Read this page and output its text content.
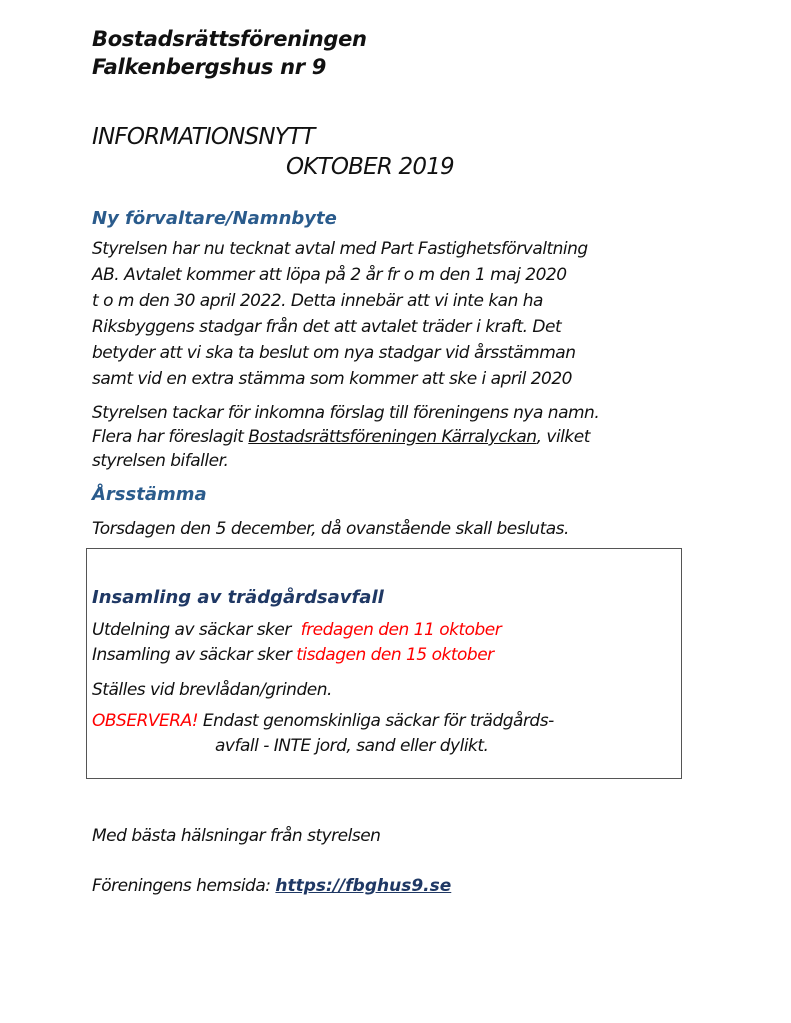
Bostadsrättsföreningen
Falkenbergshus nr 9
INFORMATIONSNYTT
OKTOBER 2019
Ny förvaltare/Namnbyte
Styrelsen har nu tecknat avtal med Part Fastighetsförvaltning
AB. Avtalet kommer att löpa på 2 år fr o m den 1 maj 2020
t o m den 30 april 2022. Detta innebär att vi inte kan ha
Riksbyggens stadgar från det att avtalet träder i kraft. Det
betyder att vi ska ta beslut om nya stadgar vid årsstämman
samt vid en extra stämma som kommer att ske i april 2020
Styrelsen tackar för inkomna förslag till föreningens nya namn.
Flera har föreslagit Bostadsrättsföreningen Kärralyckan, vilket
styrelsen bifaller.
Årsstämma
Torsdagen den 5 december, då ovanstående skall beslutas.
Insamling av trädgårdsavfall
Utdelning av säckar sker  fredagen den 11 oktober
Insamling av säckar sker tisdagen den 15 oktober
Ställes vid brevlådan/grinden.
OBSERVERA! Endast genomskinliga säckar för trädgårds-
avfall - INTE jord, sand eller dylikt.
Med bästa hälsningar från styrelsen
Föreningens hemsida: https://fbghus9.se
